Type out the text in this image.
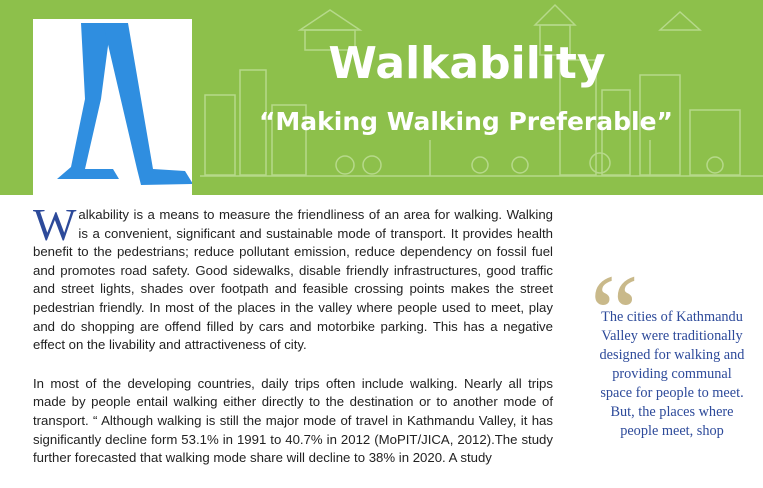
Walkability
“Making Walking Preferable”

Walkability is a means to measure the friendliness of an area for walking. Walking is a convenient, significant and sustainable mode of transport. It provides health benefit to the pedestrians; reduce pollutant emission, reduce dependency on fossil fuel and promotes road safety. Good sidewalks, disable friendly infrastructures, good traffic and street lights, shades over footpath and feasible crossing points makes the street pedestrian friendly. In most of the places in the valley where people used to meet, play and do shopping are offend filled by cars and motorbike parking. This has a negative effect on the livability and attractiveness of city.

In most of the developing countries, daily trips often include walking. Nearly all trips made by people entail walking either directly to the destination or to another mode of transport. “ Although walking is still the major mode of travel in Kathmandu Valley, it has significantly decline form 53.1% in 1991 to 40.7% in 2012 (MoPIT/JICA, 2012).The study further forecasted that walking mode share will decline to 38% in 2020. A study

“
The cities of Kathmandu Valley were traditionally designed for walking and providing communal space for people to meet. But, the places where people meet, shop
